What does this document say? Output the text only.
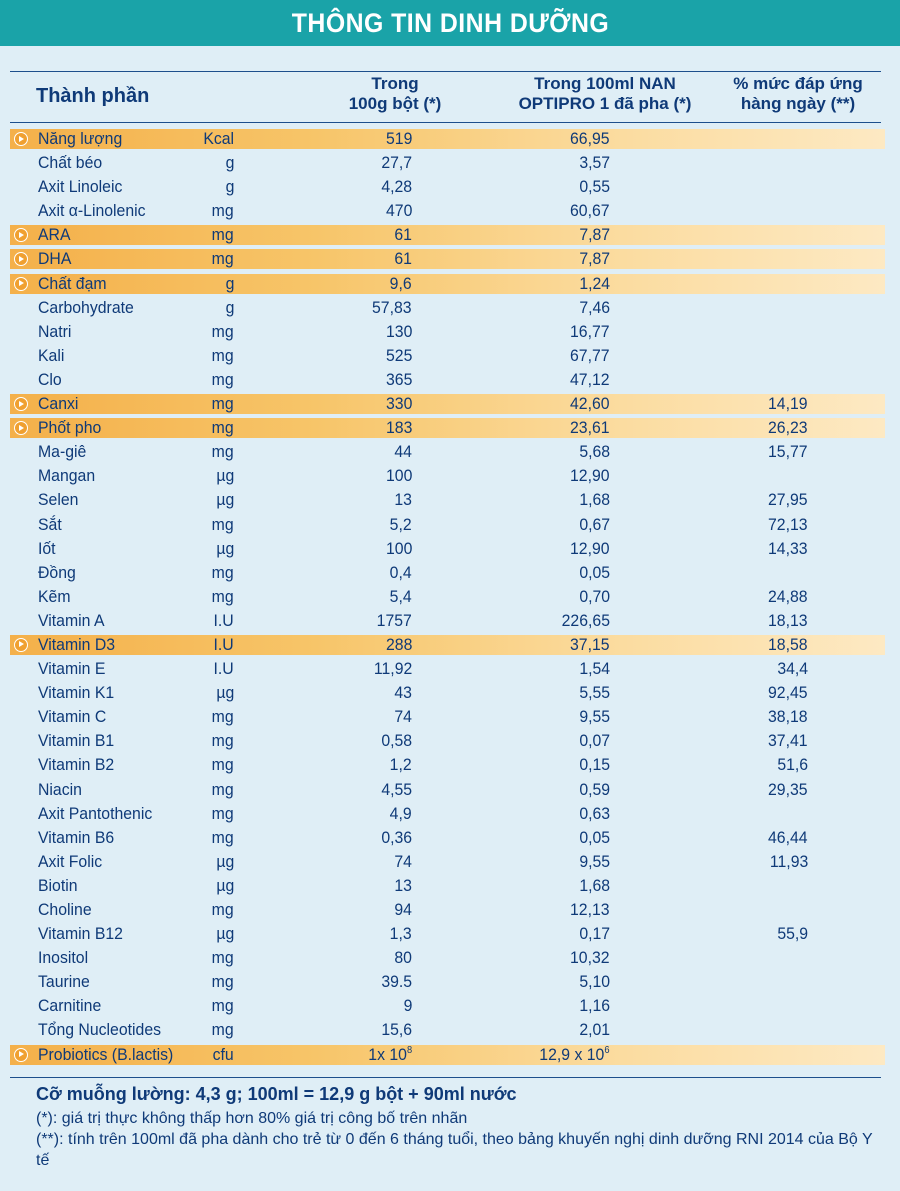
THÔNG TIN DINH DƯỠNG
Thành phần
Trong
100g bột (*)
Trong 100ml NAN
OPTIPRO 1 đã pha (*)
% mức đáp ứng
hàng ngày (**)
Năng lượng	Kcal	519	66,95
Chất béo	g	27,7	3,57
Axit Linoleic	g	4,28	0,55
Axit α-Linolenic	mg	470	60,67
ARA	mg	61	7,87
DHA	mg	61	7,87
Chất đạm	g	9,6	1,24
Carbohydrate	g	57,83	7,46
Natri	mg	130	16,77
Kali	mg	525	67,77
Clo	mg	365	47,12
Canxi	mg	330	42,60	14,19
Phốt pho	mg	183	23,61	26,23
Ma-giê	mg	44	5,68	15,77
Mangan	µg	100	12,90
Selen	µg	13	1,68	27,95
Sắt	mg	5,2	0,67	72,13
Iốt	µg	100	12,90	14,33
Đồng	mg	0,4	0,05
Kẽm	mg	5,4	0,70	24,88
Vitamin A	I.U	1757	226,65	18,13
Vitamin D3	I.U	288	37,15	18,58
Vitamin E	I.U	11,92	1,54	34,4
Vitamin K1	µg	43	5,55	92,45
Vitamin C	mg	74	9,55	38,18
Vitamin B1	mg	0,58	0,07	37,41
Vitamin B2	mg	1,2	0,15	51,6
Niacin	mg	4,55	0,59	29,35
Axit Pantothenic	mg	4,9	0,63
Vitamin B6	mg	0,36	0,05	46,44
Axit Folic	µg	74	9,55	11,93
Biotin	µg	13	1,68
Choline	mg	94	12,13
Vitamin B12	µg	1,3	0,17	55,9
Inositol	mg	80	10,32
Taurine	mg	39.5	5,10
Carnitine	mg	9	1,16
Tổng Nucleotides	mg	15,6	2,01
Probiotics (B.lactis) cfu	1x $10^8$	12,9 x $10^6$
Cỡ muỗng lường: 4,3 g; 100ml = 12,9 g bột + 90ml nước
(*): giá trị thực không thấp hơn 80% giá trị công bố trên nhãn
(**): tính trên 100ml đã pha dành cho trẻ từ 0 đến 6 tháng tuổi, theo bảng khuyến nghị dinh dưỡng RNI 2014 của Bộ Y tế
